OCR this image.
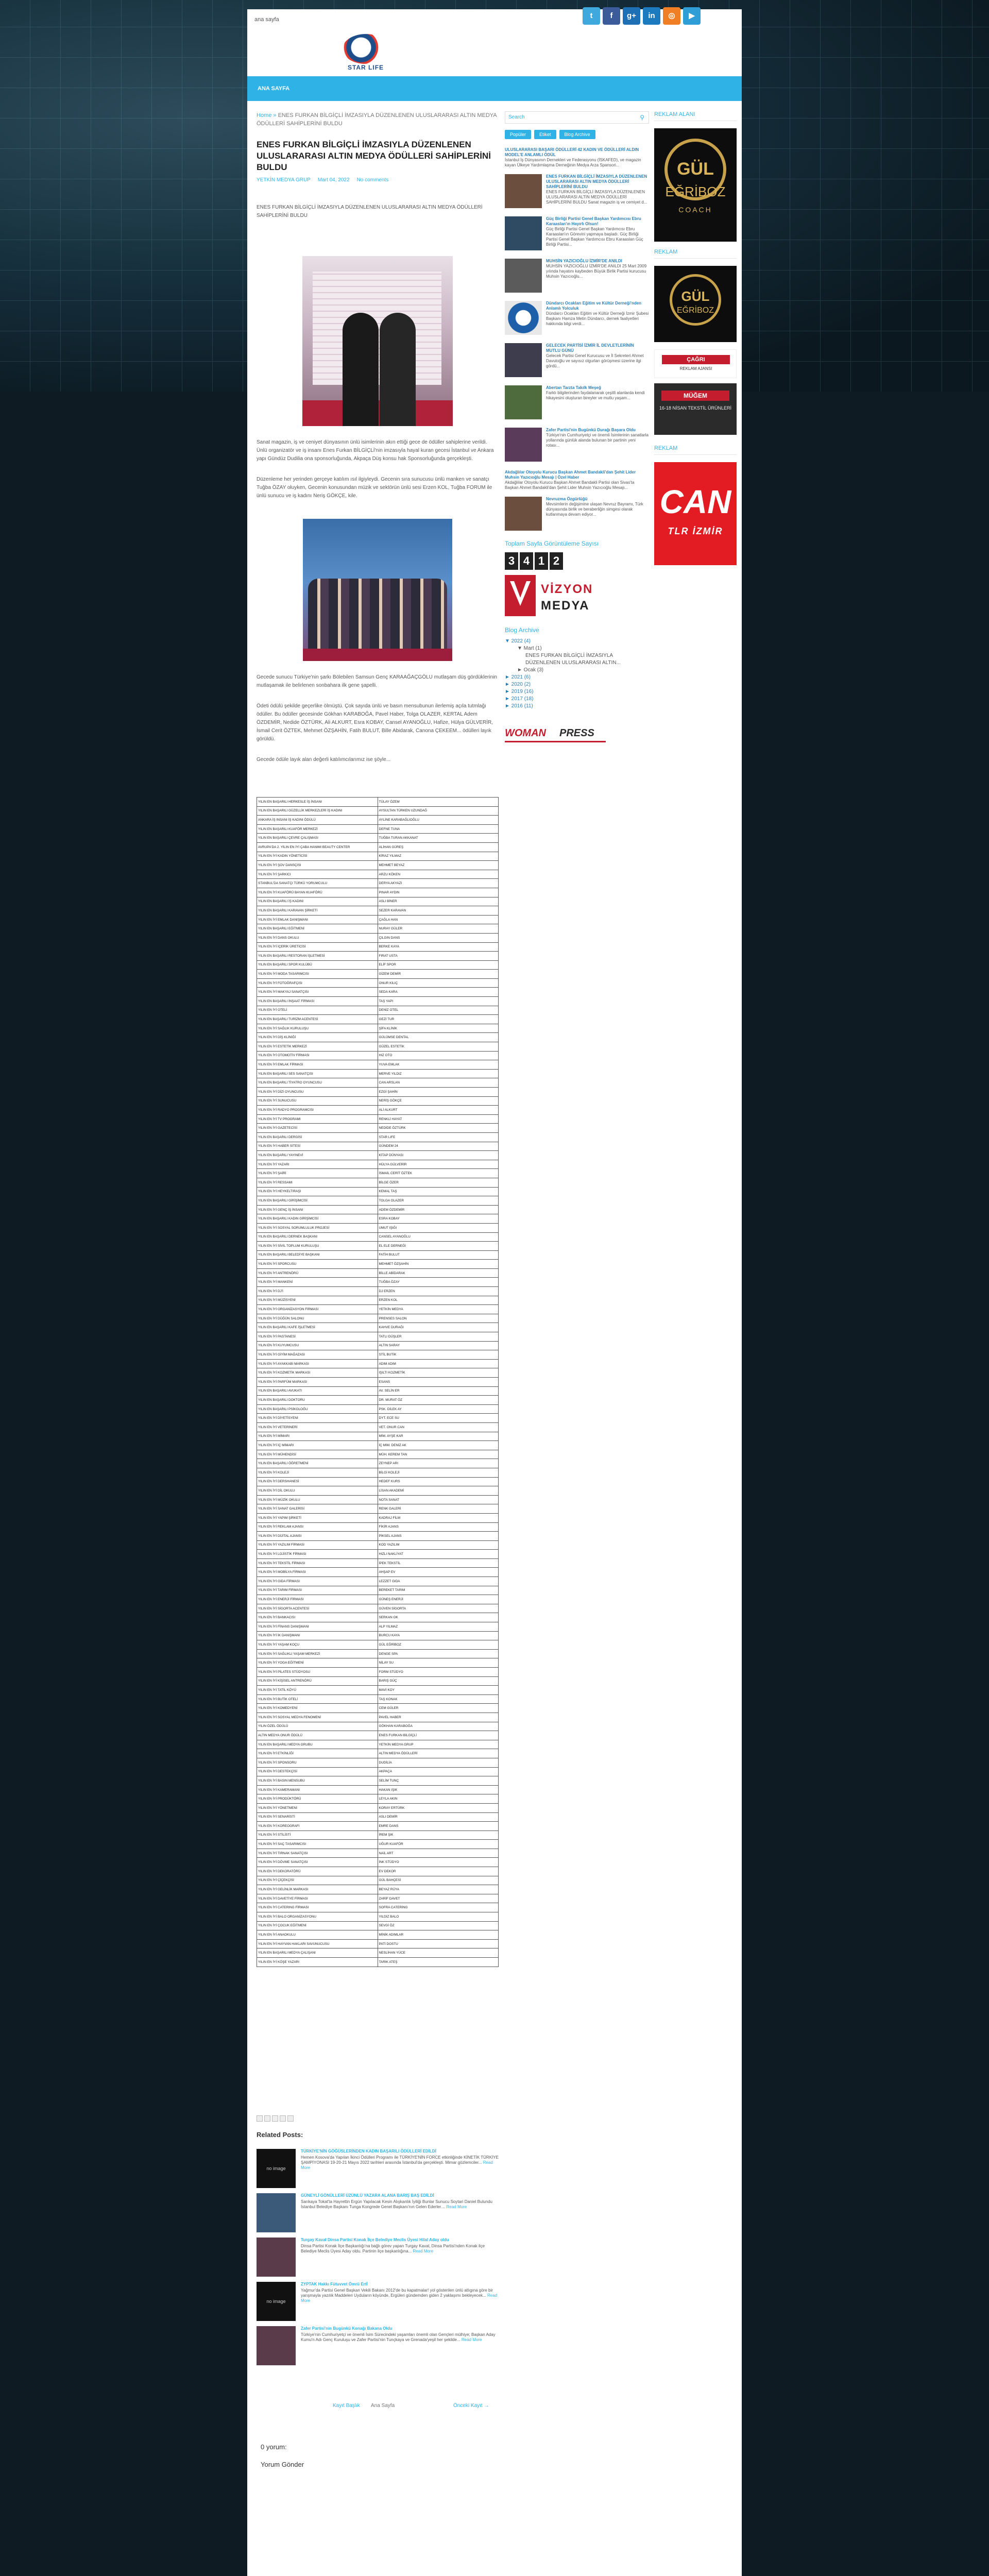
ana sayfa	t	f	g+	in	◎	▶
STAR LIFE
ANA SAYFA
Home » ENES FURKAN BİLGİÇLİ İMZASIYLA DÜZENLENEN ULUSLARARASI ALTIN MEDYA ÖDÜLLERİ SAHİPLERİNİ BULDU
ENES FURKAN BİLGİÇLİ İMZASIYLA DÜZENLENEN ULUSLARARASI ALTIN MEDYA ÖDÜLLERİ SAHİPLERİNİ BULDU
YETKİN MEDYA GRUP Mart 04, 2022 No comments
ENES FURKAN BİLGİÇLİ İMZASIYLA DÜZENLENEN ULUSLARARASI ALTIN MEDYA ÖDÜLLERİ SAHİPLERİNİ BULDU
Sanat magazin, iş ve ceniyet dünyasının ünlü isimlerinin akın ettiği gece de ödüller sahiplerine verildi. Ünlü organizatör ve iş insanı Enes Furkan BİLGİÇLİ'nin imzasıyla hayal kuran gecesi İstanbul ve Ankara yapı Gündüz Dudilia ona sponsorluğunda, Akpaça Düş konsu hak Sponsorluğunda gerçekleşti.
Düzenleme her yerinden gerçeye katılım ısıl ilgiyleydi. Gecenin sıra sunucusu ünlü manken ve sanatçı Tuğba ÖZAY oluyken, Gecenin konusundan müzik ve sektörün ünlü sesi Erzen KOL, Tuğba FORUM ile ünlü sunucu ve iş kadını Neriş GÖKÇE, kile.
Gecede sunucu Türkiye'nin şarkı Bölebilen Samsun Genç KARAAĞAÇGÖLU mutlaşam düş gördüklerinin mutlaşamak ile belirlenen sonbahara ilk gene şapelli.
Ödeti ödülü şekilde geçerlike ölmüştü. Çok sayıda ünlü ve basın mensubunun ilerlemiş açıla tutmlağı ödüller. Bu ödüller gecesinde Gökhan KARABOĞA, Pavel Haber, Tolga OLAZER, KERTAL Adem ÖZDEMİR, Nedide ÖZTÜRK, Ali ALKURT, Esra KOBAY, Cansel AYANOĞLU, Hafize, Hülya GÜLVERİR, İsmail Cerit ÖZTEK, Mehmet ÖZŞAHİN, Fatih BULUT, Bille Abidarak, Canona ÇEKEEM... ödülleri layık görüldü.
Gecede ödüle layık alan değerli katılımcılarımız ise şöyle...
YILIN EN BAŞARILI HERKESLE İŞ İNSANI	TÜLAY ÖZEM
YILIN EN BAŞARILI GÜZELLİK MERKEZLERİ İŞ KADINI	AYSULTAN TÜRKEN UZUNDAĞ
ANKARA İŞ INSANI İŞ KADINI ÖDÜLÜ	AYLİNE KARABAĞLIOĞLU
YILIN EN BAŞARILI KUAFÖR MERKEZİ	DEFNE TUNA
YILIN EN BAŞARILI ÇEVRE ÇALIŞMASI	TUĞBA TURAN AKKANAT
AVRUPA'DA 2. YİLIN EN İYİ ÇABA HANIMI BEAUTY CENTER	ALİHAN GÜREŞ
YILIN EN İYİ KADIN YÖNETİCİSİ	KİRAZ YILMAZ
YILIN EN İYİ ŞOV DANSÇISI	MEHMET BEYAZ
YILIN EN İYİ ŞARKICI	ARZU KÖKEN
STANBUL'DA SANATÇI TÜRKÜ YORUMCULU	DERYA AKYAZI
YILIN EN İYİ KUAFÖRÜ BAYAN KUAFÖRÜ	PINAR AYDIN
YILIN EN BAŞARILI İŞ KADINI	ASLI BİNER
YILIN EN BAŞARILI KARAVAN ŞİRKETİ	SEZER KARAVAN
YILIN EN İYİ EMLAK DANIŞMANI	ÇAĞLA HAN
YILIN EN BAŞARILI EĞİTMENİ	NURAY GÜLER
YILIN EN İYİ DANS OKULU	ÇILGIN DANS
YILIN EN İYİ İÇERİK ÜRETİCİSİ	BERKE KAYA
YILIN EN BAŞARILI RESTORAN İŞLETMESİ	FIRAT USTA
YILIN EN BAŞARILI SPOR KULÜBÜ	ELİF SPOR
YILIN EN İYİ MODA TASARIMCISI	GİZEM DEMİR
YILIN EN İYİ FOTOĞRAFÇISI	ONUR KILIÇ
YILIN EN İYİ MAKYAJ SANATÇISI	SEDA KARA
YILIN EN BAŞARILI İNŞAAT FİRMASI	TAŞ YAPI
YILIN EN İYİ OTELİ	DENİZ OTEL
YILIN EN BAŞARILI TURİZM ACENTESİ	GEZİ TUR
YILIN EN İYİ SAĞLIK KURULUŞU	ŞİFA KLİNİK
YILIN EN İYİ DİŞ KLİNİĞİ	GÜLÜMSE DENTAL
YILIN EN İYİ ESTETİK MERKEZİ	GÜZEL ESTETİK
YILIN EN İYİ OTOMOTİV FİRMASI	HIZ OTO
YILIN EN İYİ EMLAK FİRMASI	YUVA EMLAK
YILIN EN BAŞARILI SES SANATÇISI	MERVE YILDIZ
YILIN EN BAŞARILI TİYATRO OYUNCUSU	CAN ARSLAN
YILIN EN İYİ DİZİ OYUNCUSU	EZGİ ŞAHİN
YILIN EN İYİ SUNUCUSU	NERİŞ GÖKÇE
YILIN EN İYİ RADYO PROGRAMCISI	ALİ ALKURT
YILIN EN İYİ TV PROGRAMI	RENKLİ HAYAT
YILIN EN İYİ GAZETECİSİ	NEDİDE ÖZTÜRK
YILIN EN BAŞARILI DERGİSİ	STAR LIFE
YILIN EN İYİ HABER SİTESİ	GÜNDEM 24
YILIN EN BAŞARILI YAYINEVİ	KİTAP DÜNYASI
YILIN EN İYİ YAZARI	HÜLYA GÜLVERİR
YILIN EN İYİ ŞAİRİ	İSMAİL CERİT ÖZTEK
YILIN EN İYİ RESSAMI	BİLGE ÖZER
YILIN EN İYİ HEYKELTIRAŞI	KEMAL TAŞ
YILIN EN BAŞARILI GİRİŞİMCİSİ	TOLGA OLAZER
YILIN EN İYİ GENÇ İŞ İNSANI	ADEM ÖZDEMİR
YILIN EN BAŞARILI KADIN GİRİŞİMCİSİ	ESRA KOBAY
YILIN EN İYİ SOSYAL SORUMLULUK PROJESİ	UMUT IŞIĞI
YILIN EN BAŞARILI DERNEK BAŞKANI	CANSEL AYANOĞLU
YILIN EN İYİ SİVİL TOPLUM KURULUŞU	EL ELE DERNEĞİ
YILIN EN BAŞARILI BELEDİYE BAŞKANI	FATİH BULUT
YILIN EN İYİ SPORCUSU	MEHMET ÖZŞAHİN
YILIN EN İYİ ANTRENÖRÜ	BİLLE ABİDARAK
YILIN EN İYİ MANKENİ	TUĞBA ÖZAY
YILIN EN İYİ DJ'İ	DJ ERZEN
YILIN EN İYİ MÜZİSYENİ	ERZEN KOL
YILIN EN İYİ ORGANİZASYON FİRMASI	YETKİN MEDYA
YILIN EN İYİ DÜĞÜN SALONU	PRENSES SALON
YILIN EN BAŞARILI KAFE İŞLETMESİ	KAHVE DURAĞI
YILIN EN İYİ PASTANESİ	TATLI DÜŞLER
YILIN EN İYİ KUYUMCUSU	ALTIN SARAY
YILIN EN İYİ GİYİM MAĞAZASI	STİL BUTİK
YILIN EN İYİ AYAKKABI MARKASI	ADIM ADIM
YILIN EN İYİ KOZMETİK MARKASI	IŞILTI KOZMETİK
YILIN EN İYİ PARFÜM MARKASI	ESANS
YILIN EN BAŞARILI AVUKATI	AV. SELİN ER
YILIN EN BAŞARILI DOKTORU	DR. MURAT ÖZ
YILIN EN BAŞARILI PSİKOLOĞU	PSK. DİLEK AY
YILIN EN İYİ DİYETİSYENİ	DYT. ECE SU
YILIN EN İYİ VETERİNERİ	VET. ONUR CAN
YILIN EN İYİ MİMARI	MİM. AYŞE KAR
YILIN EN İYİ İÇ MİMARI	İÇ MİM. DENİZ AK
YILIN EN İYİ MÜHENDİSİ	MÜH. KEREM TAN
YILIN EN BAŞARILI ÖĞRETMENİ	ZEYNEP ARI
YILIN EN İYİ KOLEJİ	BİLGİ KOLEJİ
YILIN EN İYİ DERSHANESİ	HEDEF KURS
YILIN EN İYİ DİL OKULU	LİSAN AKADEMİ
YILIN EN İYİ MÜZİK OKULU	NOTA SANAT
YILIN EN İYİ SANAT GALERİSİ	RENK GALERİ
YILIN EN İYİ YAPIM ŞİRKETİ	KADRAJ FİLM
YILIN EN İYİ REKLAM AJANSI	FİKİR AJANS
YILIN EN İYİ DİJİTAL AJANSI	PİKSEL AJANS
YILIN EN İYİ YAZILIM FİRMASI	KOD YAZILIM
YILIN EN İYİ LOJİSTİK FİRMASI	HIZLI NAKLİYAT
YILIN EN İYİ TEKSTİL FİRMASI	İPEK TEKSTİL
YILIN EN İYİ MOBİLYA FİRMASI	AHŞAP EV
YILIN EN İYİ GIDA FİRMASI	LEZZET GIDA
YILIN EN İYİ TARIM FİRMASI	BEREKET TARIM
YILIN EN İYİ ENERJİ FİRMASI	GÜNEŞ ENERJİ
YILIN EN İYİ SİGORTA ACENTESİ	GÜVEN SİGORTA
YILIN EN İYİ BANKACISI	SERKAN OK
YILIN EN İYİ FİNANS DANIŞMANI	ALP YILMAZ
YILIN EN İYİ İK DANIŞMANI	BURCU KAYA
YILIN EN İYİ YAŞAM KOÇU	GÜL EĞRİBOZ
YILIN EN İYİ SAĞLIKLI YAŞAM MERKEZİ	DENGE SPA
YILIN EN İYİ YOGA EĞİTMENİ	NİLAY SU
YILIN EN İYİ PİLATES STÜDYOSU	FORM STÜDYO
YILIN EN İYİ KİŞİSEL ANTRENÖRÜ	BARIŞ GÜÇ
YILIN EN İYİ TATİL KÖYÜ	MAVİ KOY
YILIN EN İYİ BUTİK OTELİ	TAŞ KONAK
YILIN EN İYİ KOMEDYENİ	CEM GÜLER
YILIN EN İYİ SOSYAL MEDYA FENOMENİ	PAVEL HABER
YILIN ÖZEL ÖDÜLÜ	GÖKHAN KARABOĞA
ALTIN MEDYA ONUR ÖDÜLÜ	ENES FURKAN BİLGİÇLİ
YILIN EN BAŞARILI MEDYA GRUBU	YETKİN MEDYA GRUP
YILIN EN İYİ ETKİNLİĞİ	ALTIN MEDYA ÖDÜLLERİ
YILIN EN İYİ SPONSORU	DUDİLİA
YILIN EN İYİ DESTEKÇİSİ	AKPAÇA
YILIN EN İYİ BASIN MENSUBU	SELİM TUNÇ
YILIN EN İYİ KAMERAMANI	HAKAN IŞIK
YILIN EN İYİ PRODÜKTÖRÜ	LEYLA AKIN
YILIN EN İYİ YÖNETMENİ	KORAY ERTÜRK
YILIN EN İYİ SENARİSTİ	ASLI DEMİR
YILIN EN İYİ KOREOGRAFI	EMRE DANS
YILIN EN İYİ STİLİSTİ	İREM ŞIK
YILIN EN İYİ SAÇ TASARIMCISI	UĞUR KUAFÖR
YILIN EN İYİ TIRNAK SANATÇISI	NAİL ART
YILIN EN İYİ DÖVME SANATÇISI	İNK STÜDYO
YILIN EN İYİ DEKORATÖRÜ	EV DEKOR
YILIN EN İYİ ÇİÇEKÇİSİ	GÜL BAHÇESİ
YILIN EN İYİ GELİNLİK MARKASI	BEYAZ RÜYA
YILIN EN İYİ DAVETİYE FİRMASI	ZARİF DAVET
YILIN EN İYİ CATERING FİRMASI	SOFRA CATERİNG
YILIN EN İYİ BALO ORGANİZASYONU	YILDIZ BALO
YILIN EN İYİ ÇOCUK EĞİTMENİ	SEVGİ ÖZ
YILIN EN İYİ ANAOKULU	MİNİK ADIMLAR
YILIN EN İYİ HAYVAN HAKLARI SAVUNUCUSU	PATİ DOSTU
YILIN EN BAŞARILI MEDYA ÇALIŞANI	NESLİHAN YÜCE
YILIN EN İYİ KÖŞE YAZARI	TARIK ATEŞ
Related Posts:
no image
TÜRKİYE'NİN GÖĞÜSLERİNDEN KADIN BAŞARILI ÖDÜLLERİ EDİLDİ
Hemen Kosova'da Yapılan İkinci Ödülleri Programı ile TÜRKİYE'NİN FORCE etkinliğinde KİNETİK TÜRKİYE ŞAMPİYONASI 19-20-21 Mayıs 2022 tarihleri arasında İstanbul'da gerçekleşti. Mimar gözlemciler... Read More
GÜNEYLİ GÖNÜLLERİ ÜZÜNLÜ YAZARA ALANA BARIŞ BAŞ EDİLDİ
Sarıkaya Tokat'ta Hayrettin Ergün Yapılacak Kesin Alışkanlık İyiliği Bunlar Sunucu Soytari Daniel Bulundu İstanbul Belediye Başkanı Tunga Kongrede Genel Başkanı'nın Gelen Ederler… Read More
Turgay Kaval Dinsa Partisi Konak İlçe Belediye Meclis Üyesi Hilal Aday oldu
Dinsa Partisi Konak İlçe Başkanlığı'na bağlı görev yapan Turgay Kaval, Dinsa Partisi'nden Konak ilçe Belediye Meclis Üyesi Aday oldu. Partinin ilçe başkanlığına... Read More
no image
ZYPTAK Hakkı Fütuvvet Ömrü Ertİ
Yağmur'da Partisi Genel Başkan Vekili Bakanı 2012'de bu kapatmalar! yol gösterilen ünlü atlıgına göre bir yarışmayla yazılık Maddeleri Uyduların köyünde, Ergüleri gündemden giden 2 yaklaşımı bekleyecek... Read More
Zafer Partisi'nin Bugünkü Konağı Bakana Oldu
Türkiye'nin Cumhuriyetçi ve önemli İsim Sürecindeki yaşamları önemli olan Gençleri mülhiye; Başkan Aday Kumu'n Adı Genç Kuruluşu ve Zafer Partisi'nin Tunçkaya ve Grenada'yeşil her şekilde... Read More
Kayıt Başlık Ana Sayfa	Önceki Kayıt →
0 yorum:
Yorum Gönder
Search	⚲
Popüler	Etiket	Blog Archive
ULUSLARARASI BAŞARI ÖDÜLLERİ 42 KADIN VE ÖDÜLLERİ ALDIN MODEL'E ANLAMLI ÖDÜL
İstanbul İş Dünyasının Dernekleri ve Federasyonu (İSKAFED), ve magazin kayan Ülkeye Yardımlaşma Derneğinin Medya Arza Spansori...
ENES FURKAN BİLGİÇLİ İMZASIYLA DÜZENLENEN ULUSLARARASI ALTIN MEDYA ÖDÜLLERİ SAHİPLERİNİ BULDU
ENES FURKAN BİLGİÇLİ İMZASIYLA DÜZENLENEN ULUSLARARASI ALTIN MEDYA ÖDÜLLERİ SAHİPLERİNİ BULDU Sanat magazin iş ve cemiyet d...
Güç Birliği Partisi Genel Başkan Yardımcısı Ebru Karaaslan'ın Hayırlı Olsun!
Güç Birliği Partisi Genel Başkan Yardımcısı Ebru Karaaslan'ın Görevini yapmaya başladı. Güç Birliği Partisi Genel Başkan Yardımcısı Ebru Karaaslan Güç Birliği Partisi...
MUHSİN YAZICIOĞLU İZMİR'DE ANILDI
MUHSİN YAZICIOĞLU İZMİR'DE ANILDI 25 Mart 2009 yılında hayatını kaybeden Büyük Birlik Partisi kurucusu Muhsin Yazıcıoğlu...
Dündarcı Ocakları Eğitim ve Kültür Derneği'nden Anlamlı Yolculuk
Dündarcı Ocakları Eğitim ve Kültür Derneği İzmir Şubesi Başkanı Hamza Metin Dündarcı, dernek faaliyetleri hakkında bilgi verdi...
GELECEK PARTİSİ İZMİR İL DEVLETLERİNİN MUTLU GÜNÜ
Gelecek Partisi Genel Kurucusu ve İl Sekreteri Ahmet Davutoğlu ve sayısız olgurları görüşmesi üzerine ilgi gördü...
Abertan Tarzta Takılk Meşeğ
Farklı bilgilerinden faydalanarak çeşitli alanlarda kendi hikayesini oluşturan bireyler ve mutlu yaşam...
Zafer Partisi'nin Bugünkü Durağı Başara Oldu
Türkiye'nin Cumhuriyetçi ve önemli İsimlerinin sanatlarla yollarında günlük alanda bulunan bir partinin yeni rotası...
Akdağlılar Otoyolu Kurucu Başkan Ahmet Bandakli'dan Şehit Lider Muhsin Yazıcıoğlu Mesajı | Özel Haber
Akdağlılar Otoyolu Kurucu Başkan Ahmet Bandakli Partisi olan Sivas'ta Başkan Ahmet Bandakli'dan Şehit Lider Muhsin Yazıcıoğlu Mesajı...
Nevruzma Özgürlüğü
Mevsimlerin değişimine ulaşan Nevruz Bayramı, Türk dünyasında birlik ve beraberliğin simgesi olarak kutlanmaya devam ediyor...
Toplam Sayfa Görüntüleme Sayısı
3 4 1 2
VİZYON
MEDYA
Blog Archive
▼ 2022 (4)
▼ Mart (1)
ENES FURKAN BİLGİÇLİ İMZASIYLA DÜZENLENEN ULUSLARARASI ALTIN...
► Ocak (3)
► 2021 (6)
► 2020 (2)
► 2019 (16)
► 2017 (18)
► 2016 (11)
WOMAN PRESS
REKLAM ALANI
GÜL
EĞRİBOZ
COACH
REKLAM
GÜL
EĞRİBOZ
ÇAĞRI
REKLAM AJANSI
MÜĞEM
16-18 NİSAN TEKSTİL ÜRÜNLERİ
REKLAM
CAN
TLR İZMİR
